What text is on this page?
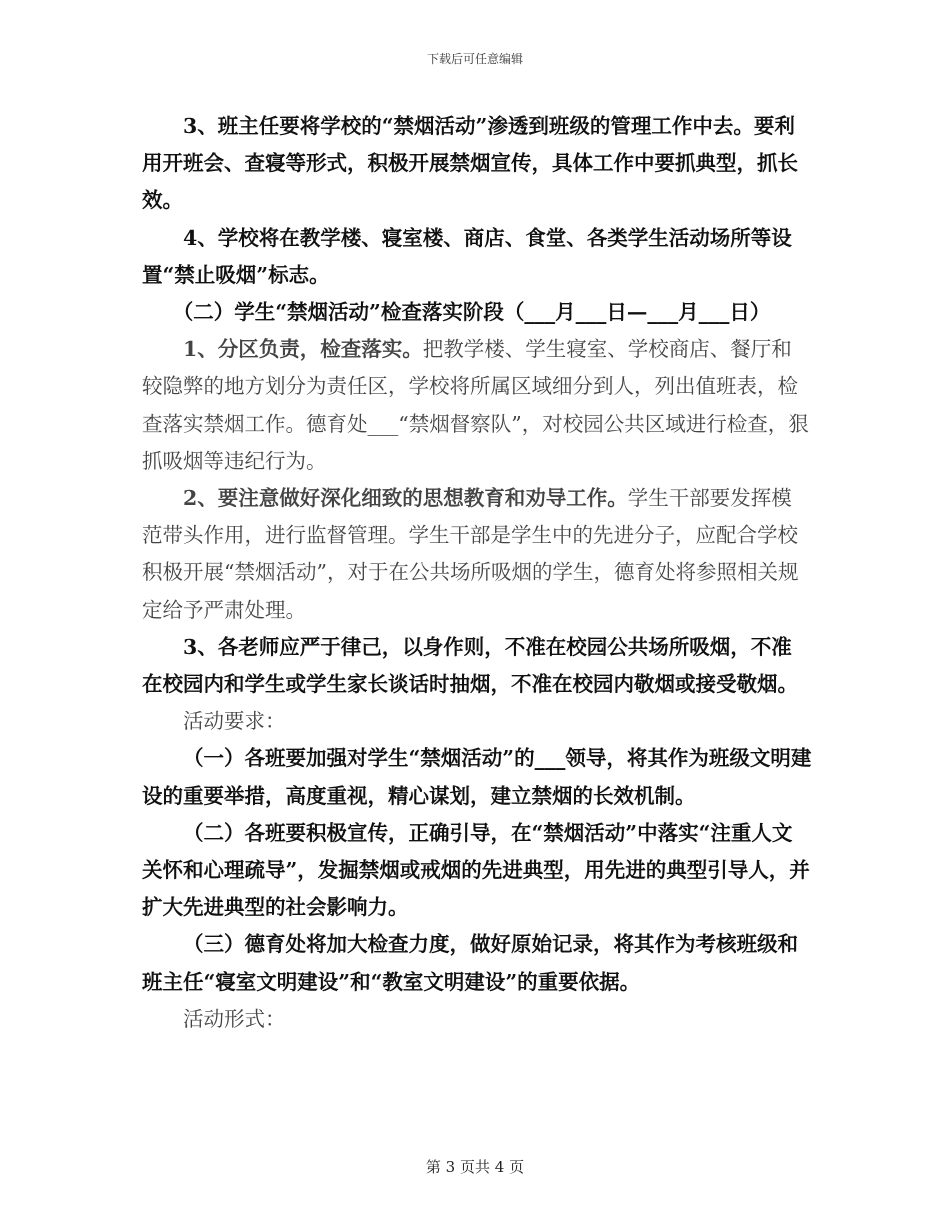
下载后可任意编辑

3、班主任要将学校的“禁烟活动”渗透到班级的管理工作中去。要利用开班会、查寝等形式，积极开展禁烟宣传，具体工作中要抓典型，抓长效。

4、学校将在教学楼、寝室楼、商店、食堂、各类学生活动场所等设置“禁止吸烟”标志。

（二）学生“禁烟活动”检查落实阶段（___月___日—___月___日）

1、分区负责，检查落实。把教学楼、学生寝室、学校商店、餐厅和较隐弊的地方划分为责任区，学校将所属区域细分到人，列出值班表，检查落实禁烟工作。德育处___“禁烟督察队”，对校园公共区域进行检查，狠抓吸烟等违纪行为。

2、要注意做好深化细致的思想教育和劝导工作。学生干部要发挥模范带头作用，进行监督管理。学生干部是学生中的先进分子，应配合学校积极开展“禁烟活动”，对于在公共场所吸烟的学生，德育处将参照相关规定给予严肃处理。

3、各老师应严于律己，以身作则，不准在校园公共场所吸烟，不准在校园内和学生或学生家长谈话时抽烟，不准在校园内敬烟或接受敬烟。

活动要求：

（一）各班要加强对学生“禁烟活动”的___领导，将其作为班级文明建设的重要举措，高度重视，精心谋划，建立禁烟的长效机制。

（二）各班要积极宣传，正确引导，在“禁烟活动”中落实“注重人文关怀和心理疏导”，发掘禁烟或戒烟的先进典型，用先进的典型引导人，并扩大先进典型的社会影响力。

（三）德育处将加大检查力度，做好原始记录，将其作为考核班级和班主任“寝室文明建设”和“教室文明建设”的重要依据。

活动形式：

第 3 页共 4 页
